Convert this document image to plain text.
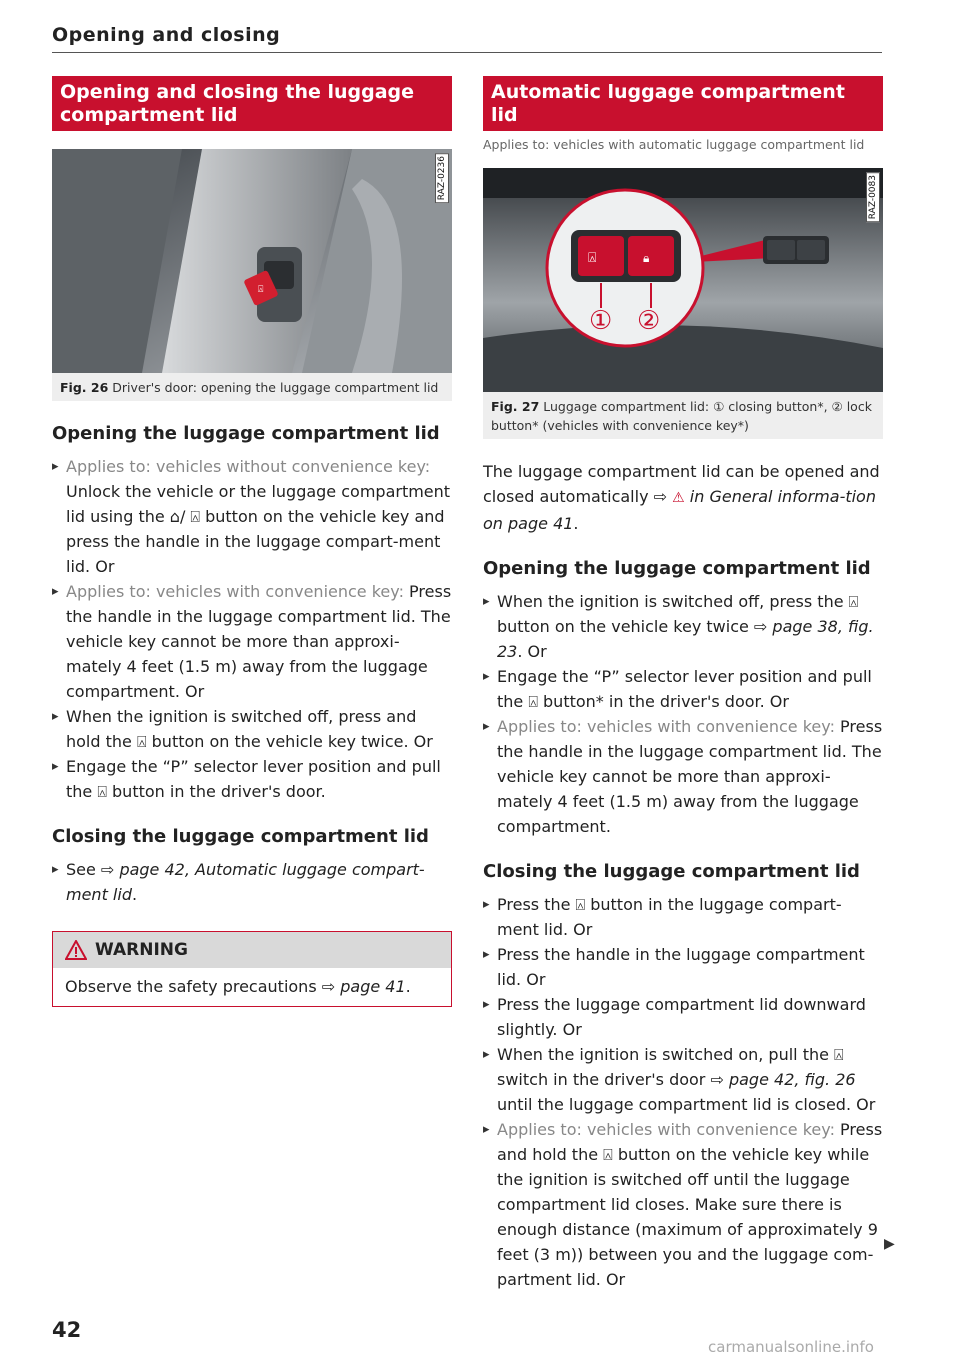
Opening and closing
Opening and closing the luggage compartment lid
⍓
RAZ-0236
Fig. 26 Driver's door: opening the luggage compartment lid
Opening the luggage compartment lid
▸ Applies to: vehicles without convenience key: Unlock the vehicle or the luggage compartment lid using the ⌂/ ⍓ button on the vehicle key and press the handle in the luggage compart-ment lid. Or
▸ Applies to: vehicles with convenience key: Press the handle in the luggage compartment lid. The vehicle key cannot be more than approxi-mately 4 feet (1.5 m) away from the luggage compartment. Or
▸ When the ignition is switched off, press and hold the ⍓ button on the vehicle key twice. Or
▸ Engage the “P” selector lever position and pull the ⍓ button in the driver's door.
Closing the luggage compartment lid
▸ See ⇨ page 42, Automatic luggage compart-ment lid.
WARNING
Observe the safety precautions ⇨ page 41.
Automatic luggage compartment lid
Applies to: vehicles with automatic luggage compartment lid
⍓	🔒︎
① ②
RAZ-0083
Fig. 27 Luggage compartment lid: ① closing button*, ② lock button* (vehicles with convenience key*)

The luggage compartment lid can be opened and closed automatically ⇨ ⚠ in General informa-tion on page 41.

Opening the luggage compartment lid
▸ When the ignition is switched off, press the ⍓ button on the vehicle key twice ⇨ page 38, fig. 23. Or
▸ Engage the “P” selector lever position and pull the ⍓ button* in the driver's door. Or
▸ Applies to: vehicles with convenience key: Press the handle in the luggage compartment lid. The vehicle key cannot be more than approxi-mately 4 feet (1.5 m) away from the luggage compartment.
Closing the luggage compartment lid
▸ Press the ⍓ button in the luggage compart-ment lid. Or
▸ Press the handle in the luggage compartment lid. Or
▸ Press the luggage compartment lid downward slightly. Or
▸ When the ignition is switched on, pull the ⍓ switch in the driver's door ⇨ page 42, fig. 26 until the luggage compartment lid is closed. Or
▸ Applies to: vehicles with convenience key: Press and hold the ⍓ button on the vehicle key while the ignition is switched off until the luggage compartment lid closes. Make sure there is enough distance (maximum of approximately 9 feet (3 m)) between you and the luggage com-partment lid. Or
▶
42
carmanualsonline.info
